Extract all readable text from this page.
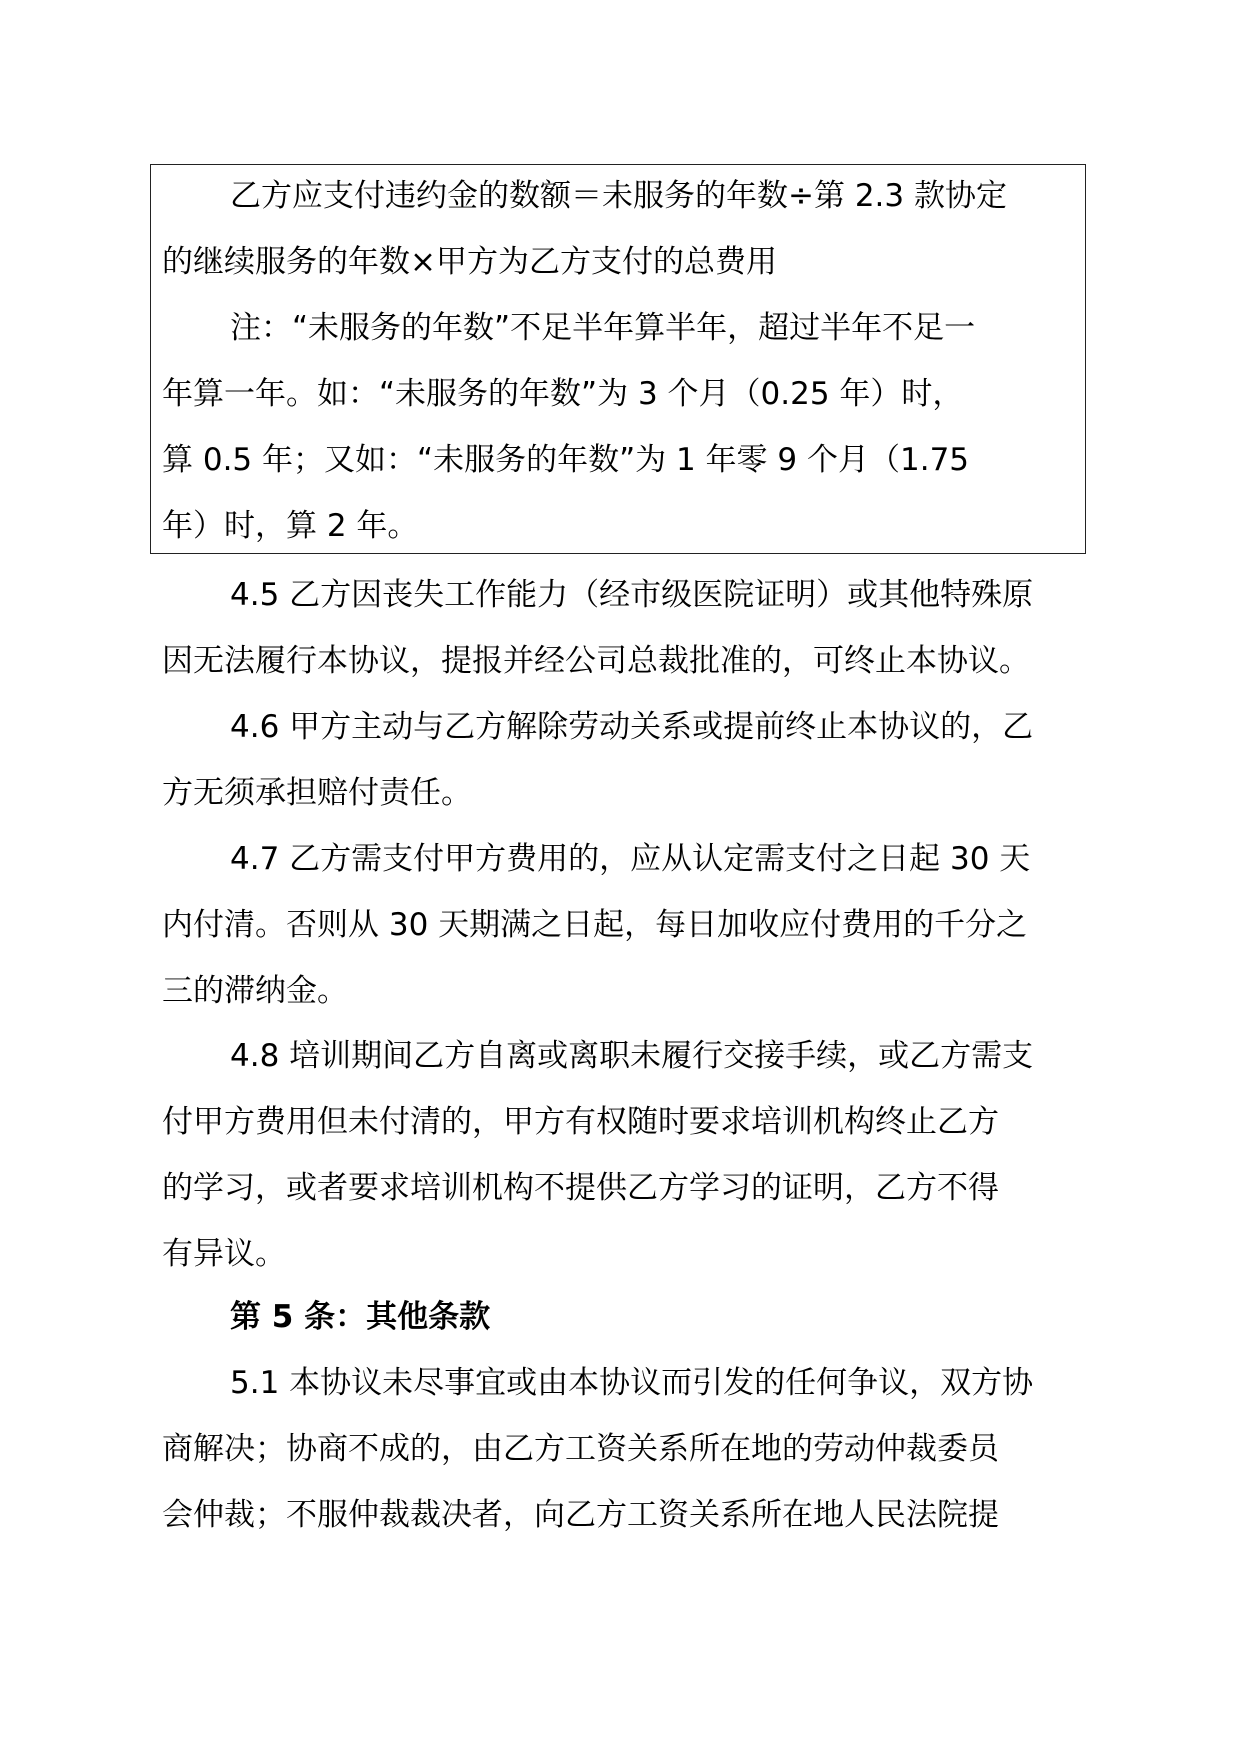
乙方应支付违约金的数额＝未服务的年数÷第 2.3 款协定
的继续服务的年数×甲方为乙方支付的总费用

注：“未服务的年数”不足半年算半年，超过半年不足一
年算一年。如：“未服务的年数”为 3 个月（0.25 年）时，
算 0.5 年；又如：“未服务的年数”为 1 年零 9 个月（1.75
年）时，算 2 年。

4.5 乙方因丧失工作能力（经市级医院证明）或其他特殊原
因无法履行本协议，提报并经公司总裁批准的，可终止本协议。

4.6 甲方主动与乙方解除劳动关系或提前终止本协议的，乙
方无须承担赔付责任。

4.7 乙方需支付甲方费用的，应从认定需支付之日起 30 天
内付清。否则从 30 天期满之日起，每日加收应付费用的千分之
三的滞纳金。

4.8 培训期间乙方自离或离职未履行交接手续，或乙方需支
付甲方费用但未付清的，甲方有权随时要求培训机构终止乙方
的学习，或者要求培训机构不提供乙方学习的证明，乙方不得
有异议。

第 5 条：其他条款

5.1 本协议未尽事宜或由本协议而引发的任何争议，双方协
商解决；协商不成的，由乙方工资关系所在地的劳动仲裁委员
会仲裁；不服仲裁裁决者，向乙方工资关系所在地人民法院提
